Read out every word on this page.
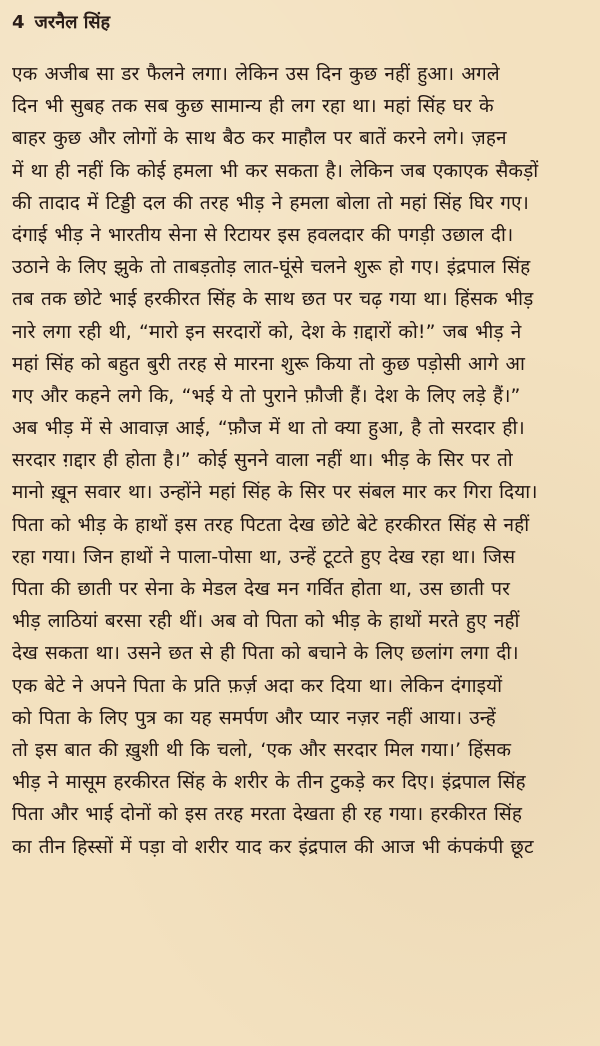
4 जरनैल सिंह
एक अजीब सा डर फैलने लगा। लेकिन उस दिन कुछ नहीं हुआ। अगले
दिन भी सुबह तक सब कुछ सामान्य ही लग रहा था। महां सिंह घर के
बाहर कुछ और लोगों के साथ बैठ कर माहौल पर बातें करने लगे। ज़हन
में था ही नहीं कि कोई हमला भी कर सकता है। लेकिन जब एकाएक सैकड़ों
की तादाद में टिड्डी दल की तरह भीड़ ने हमला बोला तो महां सिंह घिर गए।
दंगाई भीड़ ने भारतीय सेना से रिटायर इस हवलदार की पगड़ी उछाल दी।
उठाने के लिए झुके तो ताबड़तोड़ लात-घूंसे चलने शुरू हो गए। इंद्रपाल सिंह
तब तक छोटे भाई हरकीरत सिंह के साथ छत पर चढ़ गया था। हिंसक भीड़
नारे लगा रही थी, “मारो इन सरदारों को, देश के ग़द्दारों को!” जब भीड़ ने
महां सिंह को बहुत बुरी तरह से मारना शुरू किया तो कुछ पड़ोसी आगे आ
गए और कहने लगे कि, “भई ये तो पुराने फ़ौजी हैं। देश के लिए लड़े हैं।”
अब भीड़ में से आवाज़ आई, “फ़ौज में था तो क्या हुआ, है तो सरदार ही।
सरदार ग़द्दार ही होता है।” कोई सुनने वाला नहीं था। भीड़ के सिर पर तो
मानो ख़ून सवार था। उन्होंने महां सिंह के सिर पर संबल मार कर गिरा दिया।
पिता को भीड़ के हाथों इस तरह पिटता देख छोटे बेटे हरकीरत सिंह से नहीं
रहा गया। जिन हाथों ने पाला-पोसा था, उन्हें टूटते हुए देख रहा था। जिस
पिता की छाती पर सेना के मेडल देख मन गर्वित होता था, उस छाती पर
भीड़ लाठियां बरसा रही थीं। अब वो पिता को भीड़ के हाथों मरते हुए नहीं
देख सकता था। उसने छत से ही पिता को बचाने के लिए छलांग लगा दी।
एक बेटे ने अपने पिता के प्रति फ़र्ज़ अदा कर दिया था। लेकिन दंगाइयों
को पिता के लिए पुत्र का यह समर्पण और प्यार नज़र नहीं आया। उन्हें
तो इस बात की ख़ुशी थी कि चलो, ‘एक और सरदार मिल गया।’ हिंसक
भीड़ ने मासूम हरकीरत सिंह के शरीर के तीन टुकड़े कर दिए। इंद्रपाल सिंह
पिता और भाई दोनों को इस तरह मरता देखता ही रह गया। हरकीरत सिंह
का तीन हिस्सों में पड़ा वो शरीर याद कर इंद्रपाल की आज भी कंपकंपी छूट
